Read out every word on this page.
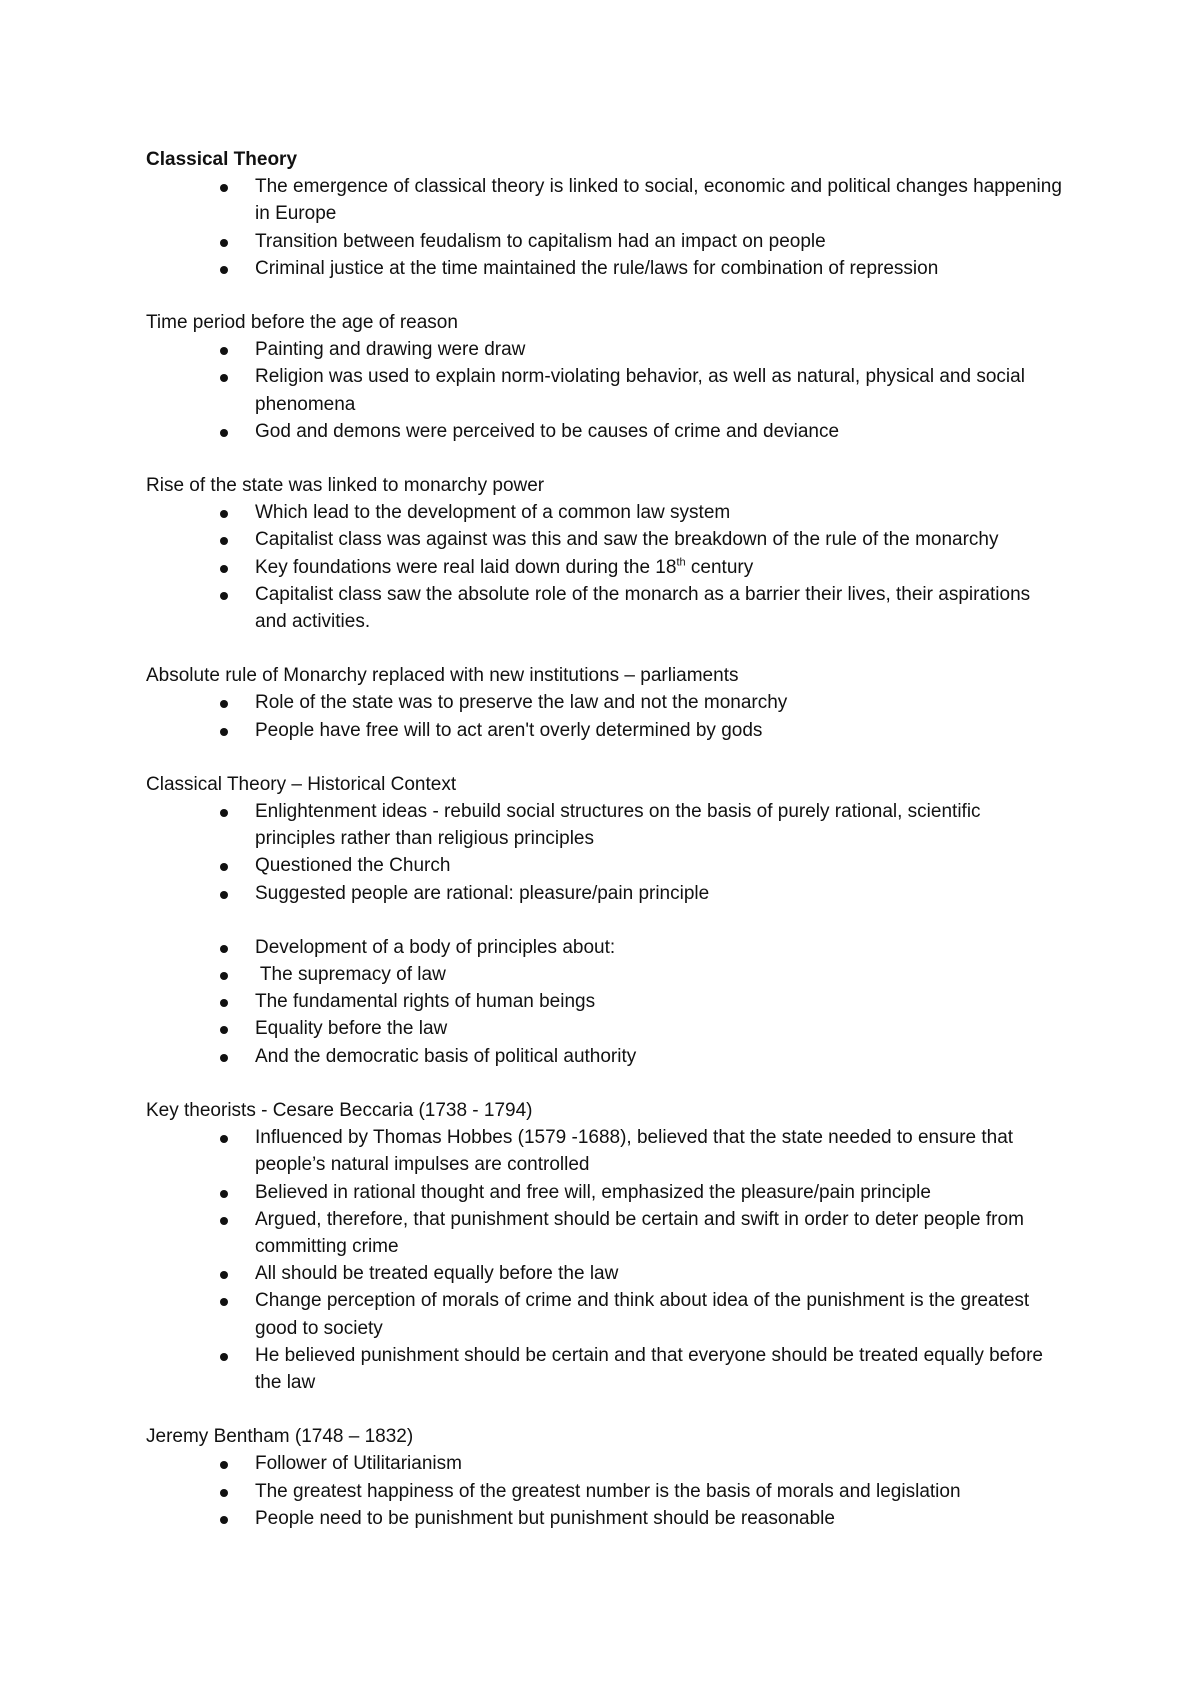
Classical Theory
The emergence of classical theory is linked to social, economic and political changes happening in Europe
Transition between feudalism to capitalism had an impact on people
Criminal justice at the time maintained the rule/laws for combination of repression
Time period before the age of reason
Painting and drawing were draw
Religion was used to explain norm-violating behavior, as well as natural, physical and social phenomena
God and demons were perceived to be causes of crime and deviance
Rise of the state was linked to monarchy power
Which lead to the development of a common law system
Capitalist class was against was this and saw the breakdown of the rule of the monarchy
Key foundations were real laid down during the 18th century
Capitalist class saw the absolute role of the monarch as a barrier their lives, their aspirations and activities.
Absolute rule of Monarchy replaced with new institutions – parliaments
Role of the state was to preserve the law and not the monarchy
People have free will to act aren't overly determined by gods
Classical Theory – Historical Context
Enlightenment ideas - rebuild social structures on the basis of purely rational, scientific principles rather than religious principles
Questioned the Church
Suggested people are rational: pleasure/pain principle
Development of a body of principles about:
The supremacy of law
The fundamental rights of human beings
Equality before the law
And the democratic basis of political authority
Key theorists - Cesare Beccaria (1738 - 1794)
Influenced by Thomas Hobbes (1579 -1688), believed that the state needed to ensure that people’s natural impulses are controlled
Believed in rational thought and free will, emphasized the pleasure/pain principle
Argued, therefore, that punishment should be certain and swift in order to deter people from committing crime
All should be treated equally before the law
Change perception of morals of crime and think about idea of the punishment is the greatest good to society
He believed punishment should be certain and that everyone should be treated equally before the law
Jeremy Bentham (1748 – 1832)
Follower of Utilitarianism
The greatest happiness of the greatest number is the basis of morals and legislation
People need to be punishment but punishment should be reasonable
